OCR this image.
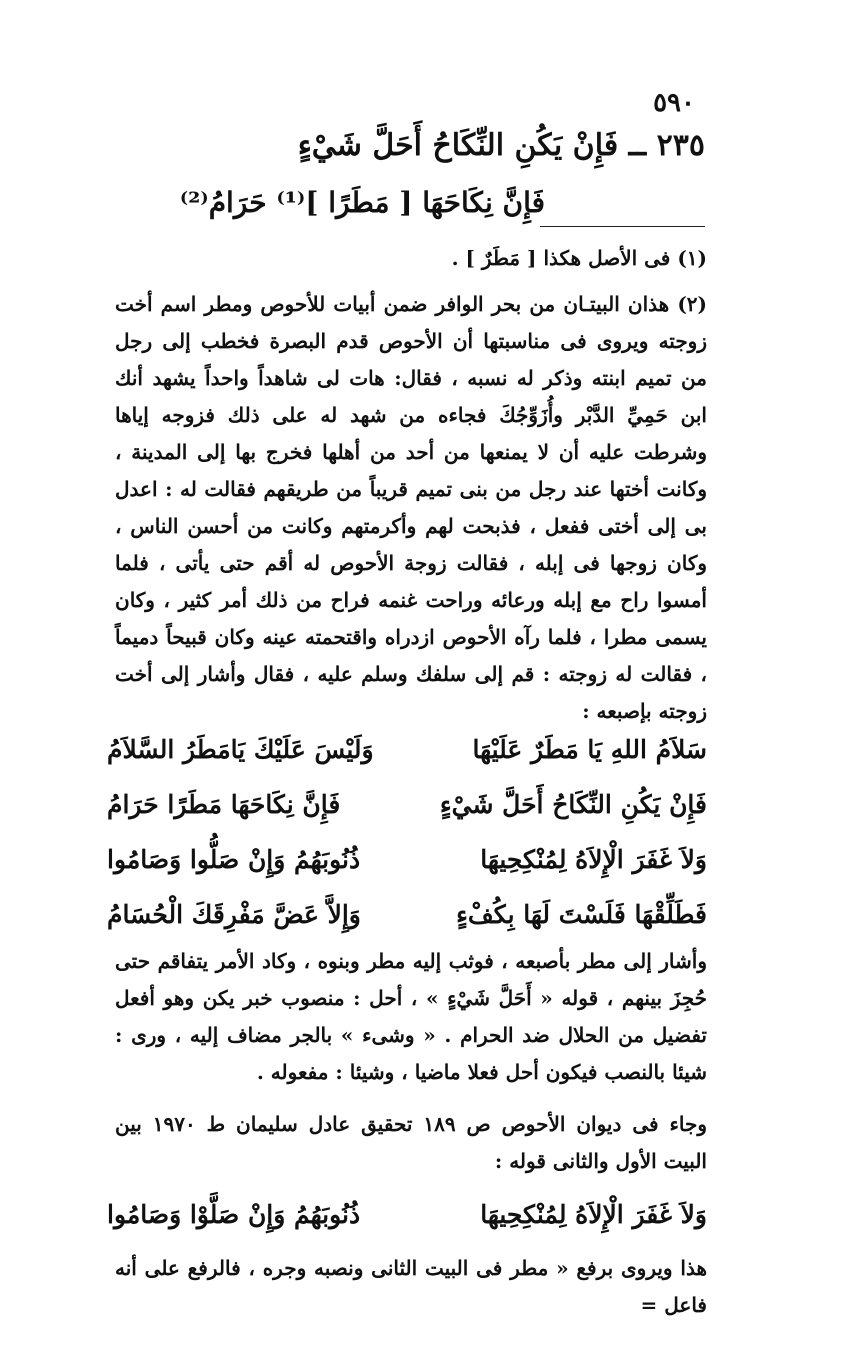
٥٩٠
٢٣٥ ــ فَإِنْ يَكُنِ النِّكَاحُ أَحَلَّ شَيْءٍ
فَإِنَّ نِكَاحَهَا [ مَطَرًا ]⁽¹⁾ حَرَامُ⁽²⁾
(١) فى الأصل هكذا [ مَطَرٌ ] .
(٢) هذان البيتـان من بحر الوافر ضمن أبيات للأحوص ومطر اسم أخت زوجته ويروى فى مناسبتها أن الأحوص قدم البصرة فخطب إلى رجل من تميم ابنته وذكر له نسبه ، فقال: هات لى شاهداً واحداً يشهد أنك ابن حَمِيِّ الدَّبْر وأُزَوِّجُكَ فجاءه من شهد له على ذلك فزوجه إياها وشرطت عليه أن لا يمنعها من أحد من أهلها فخرج بها إلى المدينة ، وكانت أختها عند رجل من بنى تميم قريباً من طريقهم فقالت له : اعدل بى إلى أختى ففعل ، فذبحت لهم وأكرمتهم وكانت من أحسن الناس ، وكان زوجها فى إبله ، فقالت زوجة الأحوص له أقم حتى يأتى ، فلما أمسوا راح مع إبله ورعائه وراحت غنمه فراح من ذلك أمر كثير ، وكان يسمى مطرا ، فلما رآه الأحوص ازدراه واقتحمته عينه وكان قبيحاً دميماً ، فقالت له زوجته : قم إلى سلفك وسلم عليه ، فقال وأشار إلى أخت زوجته بإصبعه :
سَلاَمُ اللهِ يَا مَطَرٌ عَلَيْهَا
وَلَيْسَ عَلَيْكَ يَامَطَرُ السَّلاَمُ
فَإِنْ يَكُنِ النِّكَاحُ أَحَلَّ شَيْءٍ
فَإِنَّ نِكَاحَهَا مَطَرًا حَرَامُ
وَلاَ غَفَرَ الْإِلاَهُ لِمُنْكِحِيهَا
ذُنُوبَهُمُ وَإِنْ صَلُّوا وَصَامُوا
فَطَلِّقْهَا فَلَسْتَ لَهَا بِكُفْءٍ
وَإِلاَّ عَضَّ مَفْرِقَكَ الْحُسَامُ
وأشار إلى مطر بأصبعه ، فوثب إليه مطر وبنوه ، وكاد الأمر يتفاقم حتى حُجِزَ بينهم ، قوله « أَحَلَّ شَيْءٍ » ، أحل : منصوب خبر يكن وهو أفعل تفضيل من الحلال ضد الحرام . « وشىء » بالجر مضاف إليه ، ورى : شيئا بالنصب فيكون أحل فعلا ماضيا ، وشيئا : مفعوله .
وجاء فى ديوان الأحوص ص ١٨٩ تحقيق عادل سليمان ط ١٩٧٠ بين البيت الأول والثانى قوله :
وَلاَ غَفَرَ الْإِلاَهُ لِمُنْكِحِيهَا
ذُنُوبَهُمُ وَإِنْ صَلَّوْا وَصَامُوا
هذا ويروى برفع « مطر فى البيت الثانى ونصبه وجره ، فالرفع على أنه فاعل =
